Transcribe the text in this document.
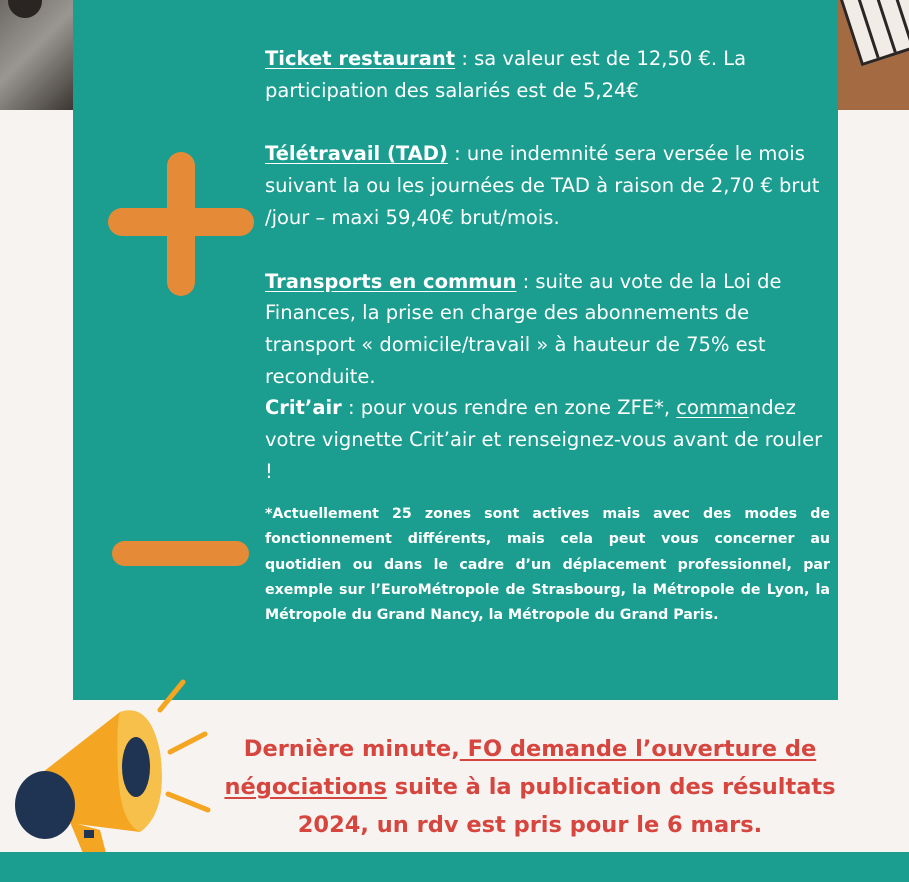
Ticket restaurant : sa valeur est de 12,50 €. La participation des salariés est de 5,24€

Télétravail (TAD) : une indemnité sera versée le mois suivant la ou les journées de TAD à raison de 2,70 € brut /jour – maxi 59,40€ brut/mois.

Transports en commun : suite au vote de la Loi de Finances, la prise en charge des abonnements de transport « domicile/travail » à hauteur de 75% est reconduite.

Crit’air : pour vous rendre en zone ZFE*, commandez votre vignette Crit’air et renseignez-vous avant de rouler !

*Actuellement 25 zones sont actives mais avec des modes de fonctionnement différents, mais cela peut vous concerner au quotidien ou dans le cadre d’un déplacement professionnel, par exemple sur l’EuroMétropole de Strasbourg, la Métropole de Lyon, la Métropole du Grand Nancy, la Métropole du Grand Paris.
Dernière minute, FO demande l’ouverture de négociations suite à la publication des résultats 2024, un rdv est pris pour le 6 mars.
